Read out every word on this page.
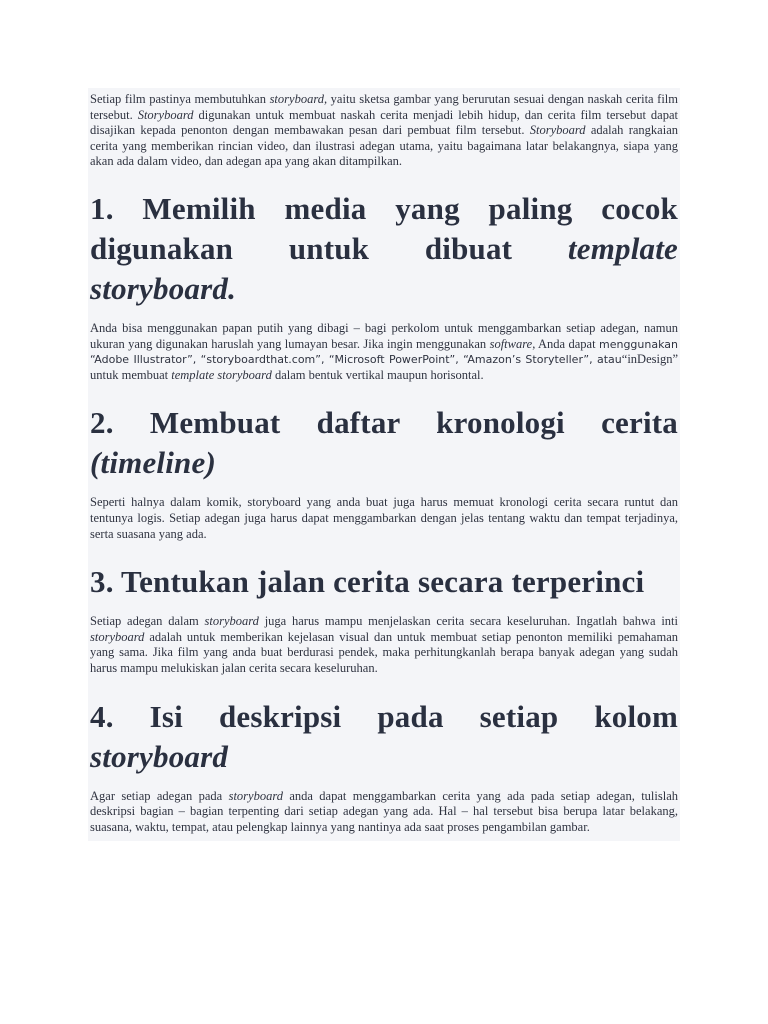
Setiap film pastinya membutuhkan storyboard, yaitu sketsa gambar yang berurutan sesuai dengan naskah cerita film tersebut. Storyboard digunakan untuk membuat naskah cerita menjadi lebih hidup, dan cerita film tersebut dapat disajikan kepada penonton dengan membawakan pesan dari pembuat film tersebut. Storyboard adalah rangkaian cerita yang memberikan rincian video, dan ilustrasi adegan utama, yaitu bagaimana latar belakangnya, siapa yang akan ada dalam video, dan adegan apa yang akan ditampilkan.

1. Memilih media yang paling cocok digunakan untuk dibuat template storyboard.

Anda bisa menggunakan papan putih yang dibagi – bagi perkolom untuk menggambarkan setiap adegan, namun ukuran yang digunakan haruslah yang lumayan besar. Jika ingin menggunakan software, Anda dapat menggunakan “Adobe Illustrator”, “storyboardthat.com”, “Microsoft PowerPoint”, “Amazon’s Storyteller”, atau“inDesign” untuk membuat template storyboard dalam bentuk vertikal maupun horisontal.

2. Membuat daftar kronologi cerita (timeline)

Seperti halnya dalam komik, storyboard yang anda buat juga harus memuat kronologi cerita secara runtut dan tentunya logis. Setiap adegan juga harus dapat menggambarkan dengan jelas tentang waktu dan tempat terjadinya, serta suasana yang ada.

3. Tentukan jalan cerita secara terperinci

Setiap adegan dalam storyboard juga harus mampu menjelaskan cerita secara keseluruhan. Ingatlah bahwa inti storyboard adalah untuk memberikan kejelasan visual dan untuk membuat setiap penonton memiliki pemahaman yang sama. Jika film yang anda buat berdurasi pendek, maka perhitungkanlah berapa banyak adegan yang sudah harus mampu melukiskan jalan cerita secara keseluruhan.

4. Isi deskripsi pada setiap kolom storyboard

Agar setiap adegan pada storyboard anda dapat menggambarkan cerita yang ada pada setiap adegan, tulislah deskripsi bagian – bagian terpenting dari setiap adegan yang ada. Hal – hal tersebut bisa berupa latar belakang, suasana, waktu, tempat, atau pelengkap lainnya yang nantinya ada saat proses pengambilan gambar.
